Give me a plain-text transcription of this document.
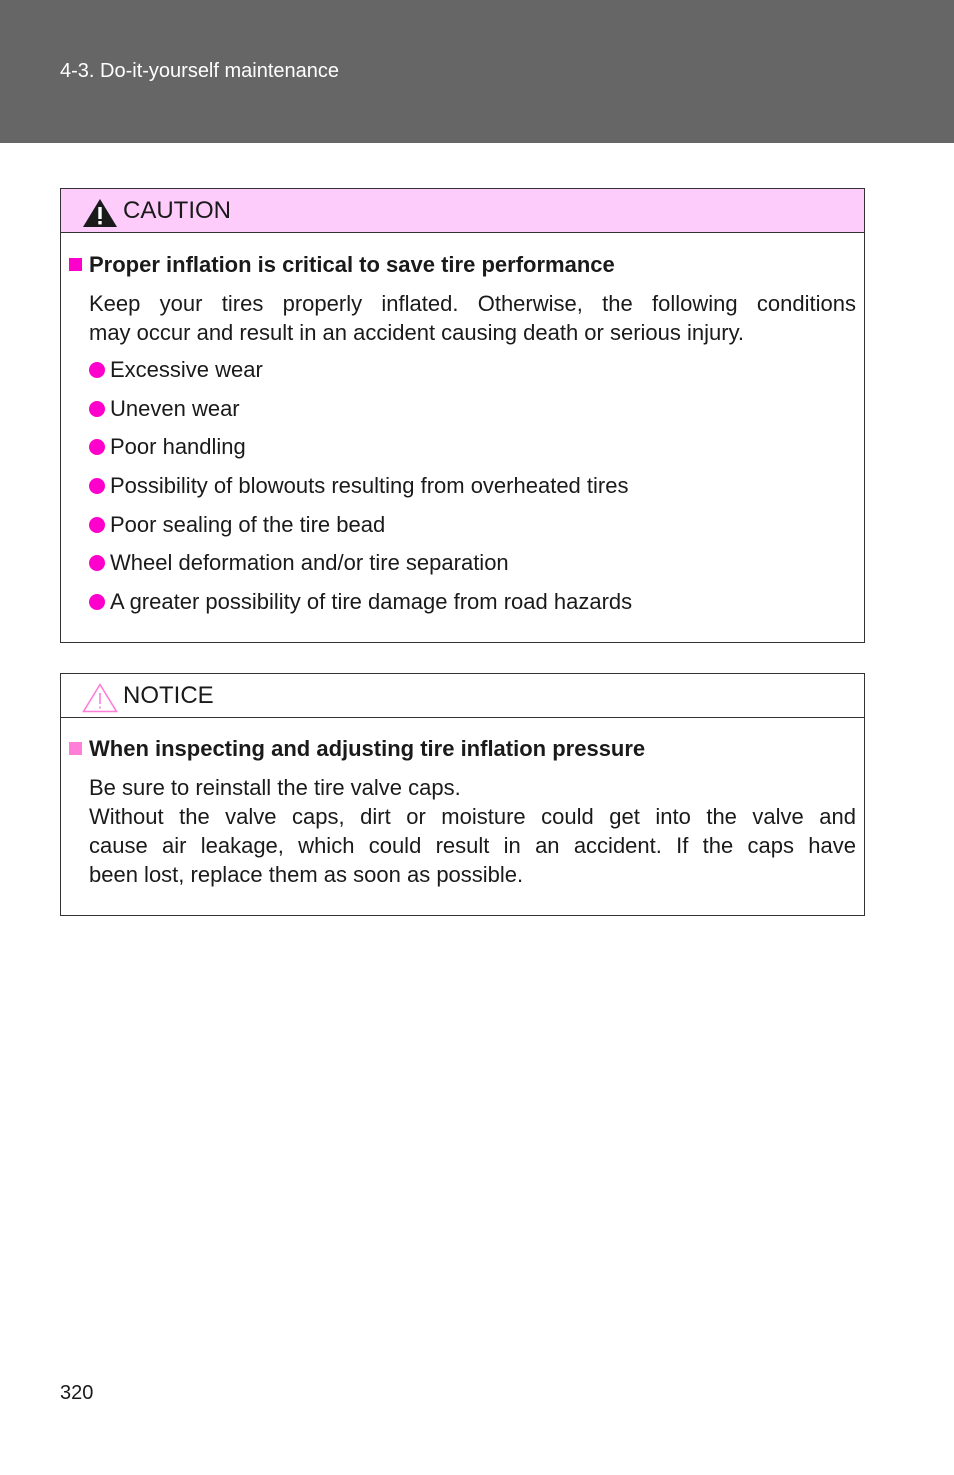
4-3. Do-it-yourself maintenance
CAUTION
Proper inflation is critical to save tire performance
Keep your tires properly inflated. Otherwise, the following conditions
may occur and result in an accident causing death or serious injury.
Excessive wear
Uneven wear
Poor handling
Possibility of blowouts resulting from overheated tires
Poor sealing of the tire bead
Wheel deformation and/or tire separation
A greater possibility of tire damage from road hazards
NOTICE
When inspecting and adjusting tire inflation pressure
Be sure to reinstall the tire valve caps.
Without the valve caps, dirt or moisture could get into the valve and
cause air leakage, which could result in an accident. If the caps have
been lost, replace them as soon as possible.
320
